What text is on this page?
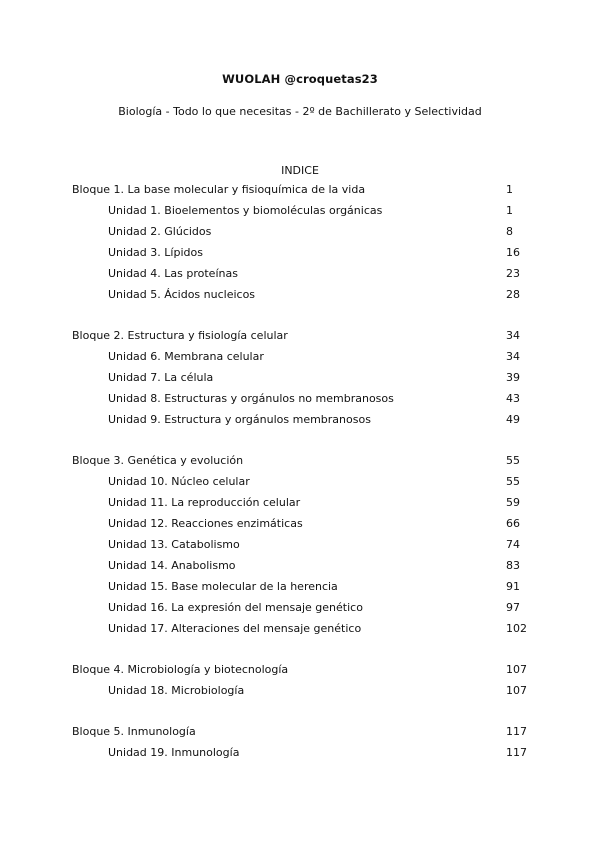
WUOLAH @croquetas23
Biología - Todo lo que necesitas - 2º de Bachillerato y Selectividad
INDICE
Bloque 1. La base molecular y fisioquímica de la vida	1
Unidad 1. Bioelementos y biomoléculas orgánicas	1
Unidad 2. Glúcidos	8
Unidad 3. Lípidos	16
Unidad 4. Las proteínas	23
Unidad 5. Ácidos nucleicos	28
Bloque 2. Estructura y fisiología celular	34
Unidad 6. Membrana celular	34
Unidad 7. La célula	39
Unidad 8. Estructuras y orgánulos no membranosos	43
Unidad 9. Estructura y orgánulos membranosos	49
Bloque 3. Genética y evolución	55
Unidad 10. Núcleo celular	55
Unidad 11. La reproducción celular	59
Unidad 12. Reacciones enzimáticas	66
Unidad 13. Catabolismo	74
Unidad 14. Anabolismo	83
Unidad 15. Base molecular de la herencia	91
Unidad 16. La expresión del mensaje genético	97
Unidad 17. Alteraciones del mensaje genético	102
Bloque 4. Microbiología y biotecnología	107
Unidad 18. Microbiología	107
Bloque 5. Inmunología	117
Unidad 19. Inmunología	117
